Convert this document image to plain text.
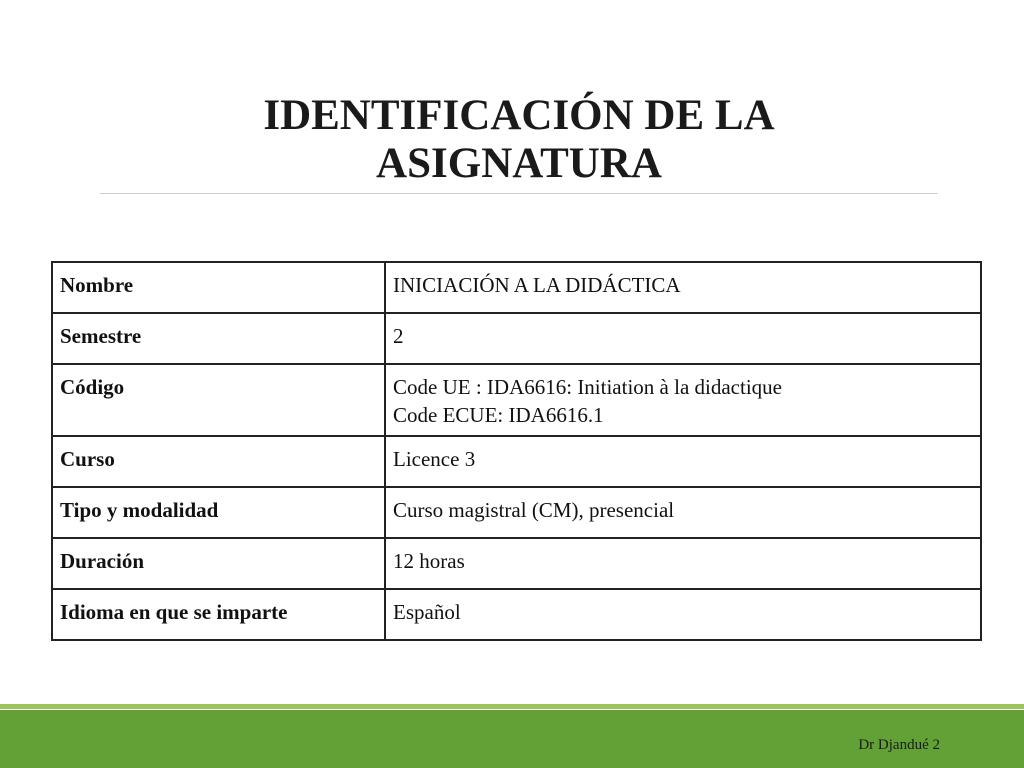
IDENTIFICACIÓN DE LA
ASIGNATURA
Nombre	INICIACIÓN A LA DIDÁCTICA

Semestre	2

Código	Code UE : IDA6616: Initiation à la didactique
Code ECUE: IDA6616.1

Curso	Licence 3

Tipo y modalidad	Curso magistral (CM), presencial

Duración	12 horas

Idioma en que se imparte	Español
Dr Djandué 2
